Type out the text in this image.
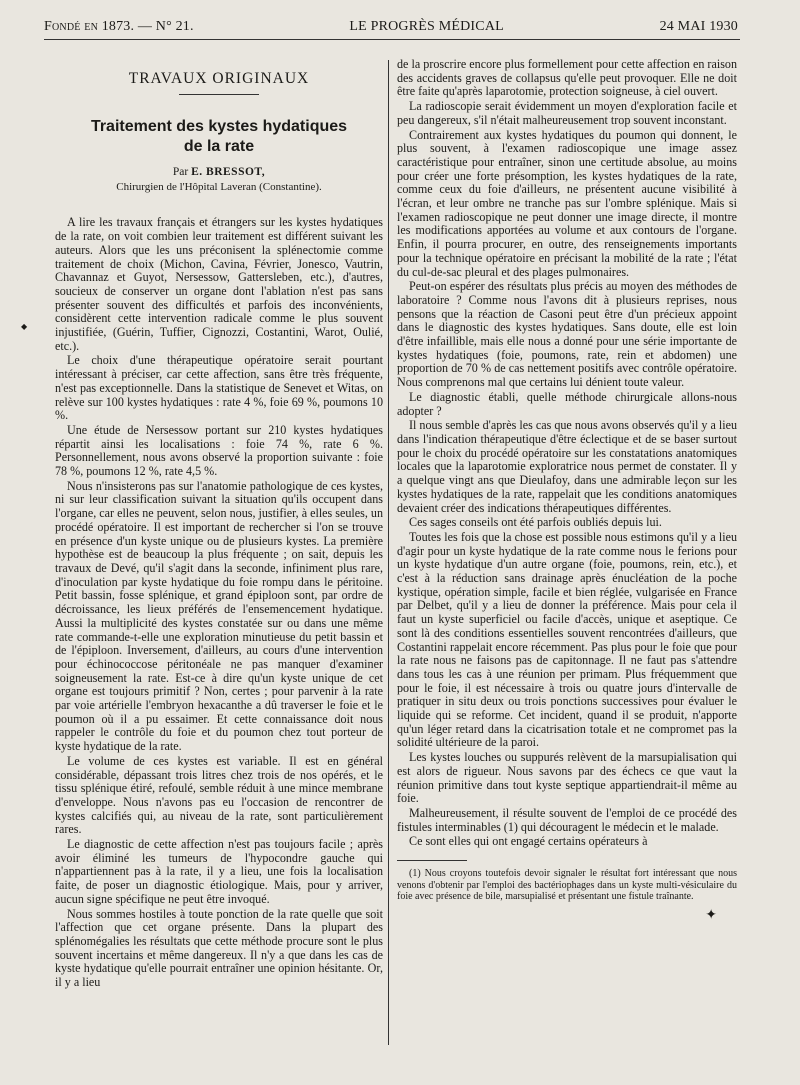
Fondé en 1873. — N° 21.	LE PROGRÈS MÉDICAL	24 MAI 1930
◆
TRAVAUX ORIGINAUX
Traitement des kystes hydatiques
de la rate
Par E. BRESSOT,
Chirurgien de l'Hôpital Laveran (Constantine).

A lire les travaux français et étrangers sur les kystes hydatiques de la rate, on voit combien leur traitement est différent suivant les auteurs. Alors que les uns préconisent la splénectomie comme traitement de choix (Michon, Cavina, Février, Jonesco, Vautrin, Chavannaz et Guyot, Nersessow, Gattersleben, etc.), d'autres, soucieux de conserver un organe dont l'ablation n'est pas sans présenter souvent des difficultés et parfois des inconvénients, considèrent cette intervention radicale comme le plus souvent injustifiée, (Guérin, Tuffier, Cignozzi, Costantini, Warot, Oulié, etc.).

Le choix d'une thérapeutique opératoire serait pourtant intéressant à préciser, car cette affection, sans être très fréquente, n'est pas exceptionnelle. Dans la statistique de Senevet et Witas, on relève sur 100 kystes hydatiques : rate 4 %, foie 69 %, poumons 10 %.

Une étude de Nersessow portant sur 210 kystes hydatiques répartit ainsi les localisations : foie 74 %, rate 6 %. Personnellement, nous avons observé la proportion suivante : foie 78 %, poumons 12 %, rate 4,5 %.

Nous n'insisterons pas sur l'anatomie pathologique de ces kystes, ni sur leur classification suivant la situation qu'ils occupent dans l'organe, car elles ne peuvent, selon nous, justifier, à elles seules, un procédé opératoire. Il est important de rechercher si l'on se trouve en présence d'un kyste unique ou de plusieurs kystes. La première hypothèse est de beaucoup la plus fréquente ; on sait, depuis les travaux de Devé, qu'il s'agit dans la seconde, infiniment plus rare, d'inoculation par kyste hydatique du foie rompu dans le péritoine. Petit bassin, fosse splénique, et grand épiploon sont, par ordre de décroissance, les lieux préférés de l'ensemencement hydatique. Aussi la multiplicité des kystes constatée sur ou dans une même rate commande-t-elle une exploration minutieuse du petit bassin et de l'épiploon. Inversement, d'ailleurs, au cours d'une intervention pour échinococcose péritonéale ne pas manquer d'examiner soigneusement la rate. Est-ce à dire qu'un kyste unique de cet organe est toujours primitif ? Non, certes ; pour parvenir à la rate par voie artérielle l'embryon hexacanthe a dû traverser le foie et le poumon où il a pu essaimer. Et cette connaissance doit nous rappeler le contrôle du foie et du poumon chez tout porteur de kyste hydatique de la rate.

Le volume de ces kystes est variable. Il est en général considérable, dépassant trois litres chez trois de nos opérés, et le tissu splénique étiré, refoulé, semble réduit à une mince membrane d'enveloppe. Nous n'avons pas eu l'occasion de rencontrer de kystes calcifiés qui, au niveau de la rate, sont particulièrement rares.

Le diagnostic de cette affection n'est pas toujours facile ; après avoir éliminé les tumeurs de l'hypocondre gauche qui n'appartiennent pas à la rate, il y a lieu, une fois la localisation faite, de poser un diagnostic étiologique. Mais, pour y arriver, aucun signe spécifique ne peut être invoqué.

Nous sommes hostiles à toute ponction de la rate quelle que soit l'affection que cet organe présente. Dans la plupart des splénomégalies les résultats que cette méthode procure sont le plus souvent incertains et même dangereux. Il n'y a que dans les cas de kyste hydatique qu'elle pourrait entraîner une opinion hésitante. Or, il y a lieu

de la proscrire encore plus formellement pour cette affection en raison des accidents graves de collapsus qu'elle peut provoquer. Elle ne doit être faite qu'après laparotomie, protection soigneuse, à ciel ouvert.

La radioscopie serait évidemment un moyen d'exploration facile et peu dangereux, s'il n'était malheureusement trop souvent inconstant.

Contrairement aux kystes hydatiques du poumon qui donnent, le plus souvent, à l'examen radioscopique une image assez caractéristique pour entraîner, sinon une certitude absolue, au moins pour créer une forte présomption, les kystes hydatiques de la rate, comme ceux du foie d'ailleurs, ne présentent aucune visibilité à l'écran, et leur ombre ne tranche pas sur l'ombre splénique. Mais si l'examen radioscopique ne peut donner une image directe, il montre les modifications apportées au volume et aux contours de l'organe. Enfin, il pourra procurer, en outre, des renseignements importants pour la technique opératoire en précisant la mobilité de la rate ; l'état du cul-de-sac pleural et des plages pulmonaires.

Peut-on espérer des résultats plus précis au moyen des méthodes de laboratoire ? Comme nous l'avons dit à plusieurs reprises, nous pensons que la réaction de Casoni peut être d'un précieux appoint dans le diagnostic des kystes hydatiques. Sans doute, elle est loin d'être infaillible, mais elle nous a donné pour une série importante de kystes hydatiques (foie, poumons, rate, rein et abdomen) une proportion de 70 % de cas nettement positifs avec contrôle opératoire. Nous comprenons mal que certains lui dénient toute valeur.

Le diagnostic établi, quelle méthode chirurgicale allons-nous adopter ?

Il nous semble d'après les cas que nous avons observés qu'il y a lieu dans l'indication thérapeutique d'être éclectique et de se baser surtout pour le choix du procédé opératoire sur les constatations anatomiques locales que la laparotomie exploratrice nous permet de constater. Il y a quelque vingt ans que Dieulafoy, dans une admirable leçon sur les kystes hydatiques de la rate, rappelait que les conditions anatomiques devaient créer des indications thérapeutiques différentes.

Ces sages conseils ont été parfois oubliés depuis lui.

Toutes les fois que la chose est possible nous estimons qu'il y a lieu d'agir pour un kyste hydatique de la rate comme nous le ferions pour un kyste hydatique d'un autre organe (foie, poumons, rein, etc.), et c'est à la réduction sans drainage après énucléation de la poche kystique, opération simple, facile et bien réglée, vulgarisée en France par Delbet, qu'il y a lieu de donner la préférence. Mais pour cela il faut un kyste superficiel ou facile d'accès, unique et aseptique. Ce sont là des conditions essentielles souvent rencontrées d'ailleurs, que Costantini rappelait encore récemment. Pas plus pour le foie que pour la rate nous ne faisons pas de capitonnage. Il ne faut pas s'attendre dans tous les cas à une réunion per primam. Plus fréquemment que pour le foie, il est nécessaire à trois ou quatre jours d'intervalle de pratiquer in situ deux ou trois ponctions successives pour évaluer le liquide qui se reforme. Cet incident, quand il se produit, n'apporte qu'un léger retard dans la cicatrisation totale et ne compromet pas la solidité ultérieure de la paroi.

Les kystes louches ou suppurés relèvent de la marsupialisation qui est alors de rigueur. Nous savons par des échecs ce que vaut la réunion primitive dans tout kyste septique appartiendrait-il même au foie.

Malheureusement, il résulte souvent de l'emploi de ce procédé des fistules interminables (1) qui découragent le médecin et le malade.

Ce sont elles qui ont engagé certains opérateurs à

(1) Nous croyons toutefois devoir signaler le résultat fort intéressant que nous venons d'obtenir par l'emploi des bactériophages dans un kyste multi-vésiculaire du foie avec présence de bile, marsupialisé et présentant une fistule traînante.

✦
